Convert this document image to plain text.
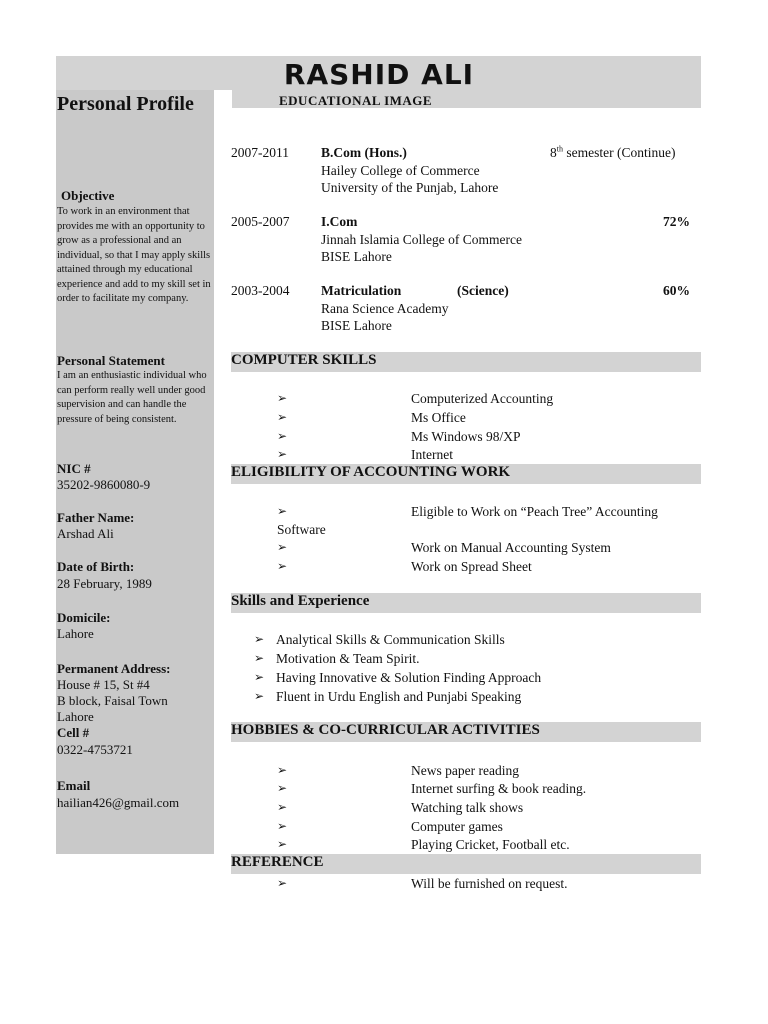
RASHID ALI
EDUCATIONAL IMAGE
Personal Profile
Objective
To work in an environment that provides me with an opportunity to grow as a professional and an individual, so that I may apply skills attained through my educational experience and add to my skill set in order to facilitate my company.
Personal Statement
I am an enthusiastic individual who can perform really well under good supervision and can handle the pressure of being consistent.
NIC #
35202-9860080-9
Father Name:
Arshad Ali
Date of Birth:
28 February, 1989
Domicile:
Lahore
Permanent Address:
House # 15, St #4
B block, Faisal Town
Lahore
Cell #
0322-4753721
Email
hailian426@gmail.com
2007-2011 B.Com (Hons.)	8th semester (Continue)
Hailey College of Commerce
University of the Punjab, Lahore
2005-2007 I.Com	72%
Jinnah Islamia College of Commerce
BISE Lahore
2003-2004 Matriculation	(Science)	60%
Rana Science Academy
BISE Lahore
COMPUTER SKILLS
➢	Computerized Accounting
➢	Ms Office
➢	Ms Windows 98/XP
➢	Internet
ELIGIBILITY OF ACCOUNTING WORK
➢	Eligible to Work on “Peach Tree” Accounting
Software
➢	Work on Manual Accounting System
➢	Work on Spread Sheet
Skills and Experience
➢ Analytical Skills & Communication Skills
➢ Motivation & Team Spirit.
➢ Having Innovative & Solution Finding Approach
➢ Fluent in Urdu English and Punjabi Speaking
HOBBIES & CO-CURRICULAR ACTIVITIES
➢	News paper reading
➢	Internet surfing & book reading.
➢	Watching talk shows
➢	Computer games
➢	Playing Cricket, Football etc.
REFERENCE
➢	Will be furnished on request.
